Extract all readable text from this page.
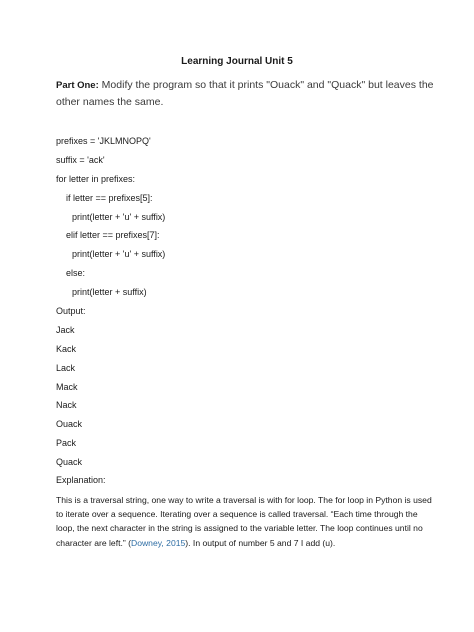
Learning Journal Unit 5
Part One: Modify the program so that it prints "Ouack" and "Quack" but leaves the other names the same.
prefixes = 'JKLMNOPQ'
suffix = 'ack'
for letter in prefixes:
if letter == prefixes[5]:
print(letter + 'u' + suffix)
elif letter == prefixes[7]:
print(letter + 'u' + suffix)
else:
print(letter + suffix)
Output:
Jack
Kack
Lack
Mack
Nack
Ouack
Pack
Quack
Explanation:
This is a traversal string, one way to write a traversal is with for loop. The for loop in Python is used to iterate over a sequence. Iterating over a sequence is called traversal. “Each time through the loop, the next character in the string is assigned to the variable letter. The loop continues until no character are left.” (Downey, 2015). In output of number 5 and 7 I add (u).
